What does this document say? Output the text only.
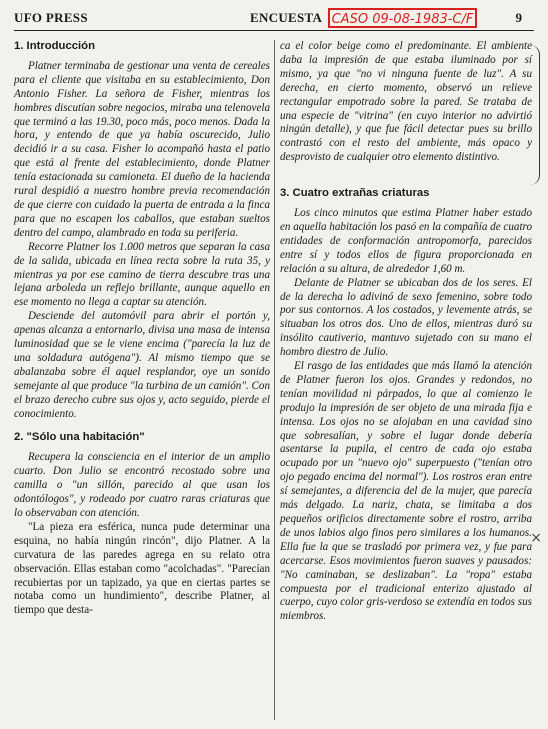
UFO PRESS	ENCUESTA CASO 09-08-1983-C/F	9
1. Introducción

Platner terminaba de gestionar una venta de cereales para el cliente que visitaba en su establecimiento, Don Antonio Fisher. La señora de Fisher, mientras los hombres discutían sobre negocios, miraba una telenovela que terminó a las 19.30, poco más, poco menos. Dada la hora, y entendo de que ya había oscurecido, Julio decidió ir a su casa. Fisher lo acompañó hasta el patio que está al frente del establecimiento, donde Platner tenía estacionada su camioneta. El dueño de la hacienda rural despidió a nuestro hombre previa recomendación de que cierre con cuidado la puerta de entrada a la finca para que no escapen los caballos, que estaban sueltos dentro del campo, alambrado en toda su periferia.

Recorre Platner los 1.000 metros que separan la casa de la salida, ubicada en línea recta sobre la ruta 35, y mientras ya por ese camino de tierra descubre tras una lejana arboleda un reflejo brillante, aunque aquello en ese momento no llega a captar su atención.

Desciende del automóvil para abrir el portón y, apenas alcanza a entornarlo, divisa una masa de intensa luminosidad que se le viene encima ("parecía la luz de una soldadura autógena"). Al mismo tiempo que se abalanzaba sobre él aquel resplandor, oye un sonido semejante al que produce "la turbina de un camión". Con el brazo derecho cubre sus ojos y, acto seguido, pierde el conocimiento.

2. "Sólo una habitación"

Recupera la consciencia en el interior de un amplio cuarto. Don Julio se encontró recostado sobre una camilla o "un sillón, parecido al que usan los odontólogos", y rodeado por cuatro raras criaturas que lo observaban con atención.

"La pieza era esférica, nunca pude determinar una esquina, no había ningún rincón", dijo Platner. A la curvatura de las paredes agrega en su relato otra observación. Ellas estaban como "acolchadas". "Parecían recubiertas por un tapizado, ya que en ciertas partes se notaba como un hundimiento", describe Platner, al tiempo que desta-

ca el color beige como el predominante. El ambiente daba la impresión de que estaba iluminado por sí mismo, ya que "no vi ninguna fuente de luz". A su derecha, en cierto momento, observó un relieve rectangular empotrado sobre la pared. Se trataba de una especie de "vitrina" (en cuyo interior no advirtió ningún detalle), y que fue fácil detectar pues su brillo contrastó con el resto del ambiente, más opaco y desprovisto de cualquier otro elemento distintivo.

3. Cuatro extrañas criaturas

Los cinco minutos que estima Platner haber estado en aquella habitación los pasó en la compañía de cuatro entidades de conformación antropomorfa, parecidos entre sí y todos ellos de figura proporcionada en relación a su altura, de alrededor 1,60 m.

Delante de Platner se ubicaban dos de los seres. El de la derecha lo adivinó de sexo femenino, sobre todo por sus contornos. A los costados, y levemente atrás, se situaban los otros dos. Uno de ellos, mientras duró su insólito cautiverio, mantuvo sujetado con su mano el hombro diestro de Julio.

El rasgo de las entidades que más llamó la atención de Platner fueron los ojos. Grandes y redondos, no tenían movilidad ni párpados, lo que al comienzo le produjo la impresión de ser objeto de una mirada fija e intensa. Los ojos no se alojaban en una cavidad sino que sobresalían, y sobre el lugar donde debería asentarse la pupila, el centro de cada ojo estaba ocupado por un "nuevo ojo" superpuesto ("tenían otro ojo pegado encima del normal"). Los rostros eran entre sí semejantes, a diferencia del de la mujer, que parecía más delgado. La nariz, chata, se limitaba a dos pequeños orificios directamente sobre el rostro, arriba de unos labios algo finos pero similares a los humanos. Ella fue la que se trasladó por primera vez, y fue para acercarse. Esos movimientos fueron suaves y pausados: "No caminaban, se deslizaban". La "ropa" estaba compuesta por el tradicional enterizo ajustado al cuerpo, cuyo color gris-verdoso se extendía en todos sus miembros.

×
